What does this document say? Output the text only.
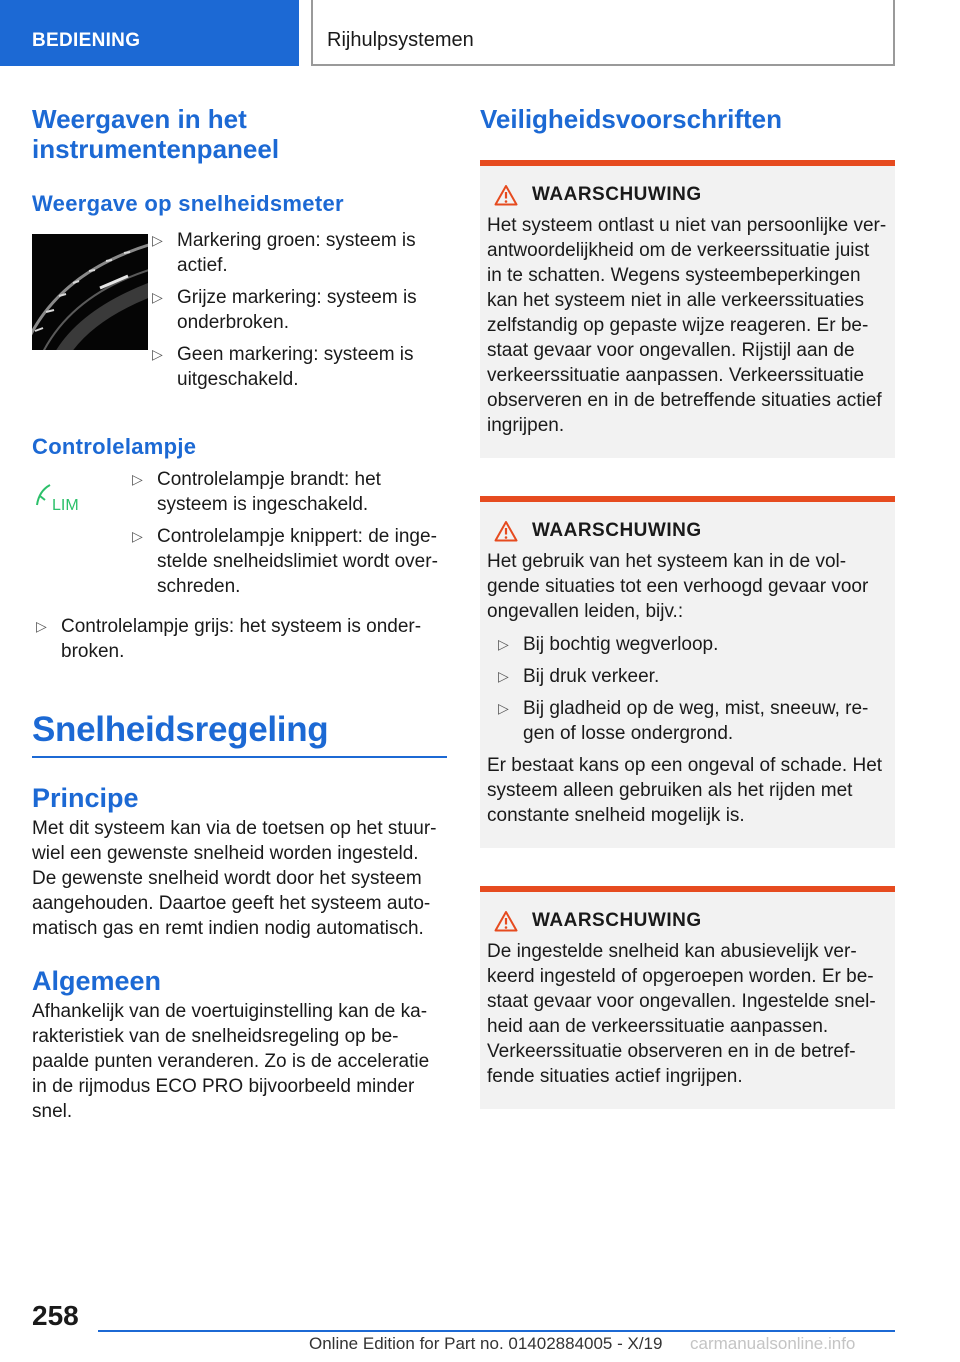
BEDIENING	Rijhulpsystemen
Weergaven in het instrumentenpaneel
Weergave op snelheidsmeter
▷ Markering groen: systeem is actief.
▷ Grijze markering: systeem is onderbroken.
▷ Geen markering: systeem is uitgeschakeld.
Controlelampje
LIM
▷ Controlelampje brandt: het systeem is ingeschakeld.
▷ Controlelampje knippert: de ingestelde snelheidslimiet wordt overschreden.
▷ Controlelampje grijs: het systeem is onderbroken.
Snelheidsregeling
Principe

Met dit systeem kan via de toetsen op het stuurwiel een gewenste snelheid worden ingesteld. De gewenste snelheid wordt door het systeem aangehouden. Daartoe geeft het systeem automatisch gas en remt indien nodig automatisch.

Algemeen

Afhankelijk van de voertuiginstelling kan de karakteristiek van de snelheidsregeling op bepaalde punten veranderen. Zo is de acceleratie in de rijmodus ECO PRO bijvoorbeeld minder snel.

Veiligheidsvoorschriften
WAARSCHUWING

Het systeem ontlast u niet van persoonlijke verantwoordelijkheid om de verkeerssituatie juist in te schatten. Wegens systeembeperkingen kan het systeem niet in alle verkeerssituaties zelfstandig op gepaste wijze reageren. Er bestaat gevaar voor ongevallen. Rijstijl aan de verkeerssituatie aanpassen. Verkeerssituatie observeren en in de betreffende situaties actief ingrijpen.

WAARSCHUWING

Het gebruik van het systeem kan in de volgende situaties tot een verhoogd gevaar voor ongevallen leiden, bijv.:

▷ Bij bochtig wegverloop.
▷ Bij druk verkeer.
▷ Bij gladheid op de weg, mist, sneeuw, regen of losse ondergrond.

Er bestaat kans op een ongeval of schade. Het systeem alleen gebruiken als het rijden met constante snelheid mogelijk is.

WAARSCHUWING

De ingestelde snelheid kan abusievelijk verkeerd ingesteld of opgeroepen worden. Er bestaat gevaar voor ongevallen. Ingestelde snelheid aan de verkeerssituatie aanpassen. Verkeerssituatie observeren en in de betreffende situaties actief ingrijpen.

258
Online Edition for Part no. 01402884005 - X/19 carmanualsonline.info
